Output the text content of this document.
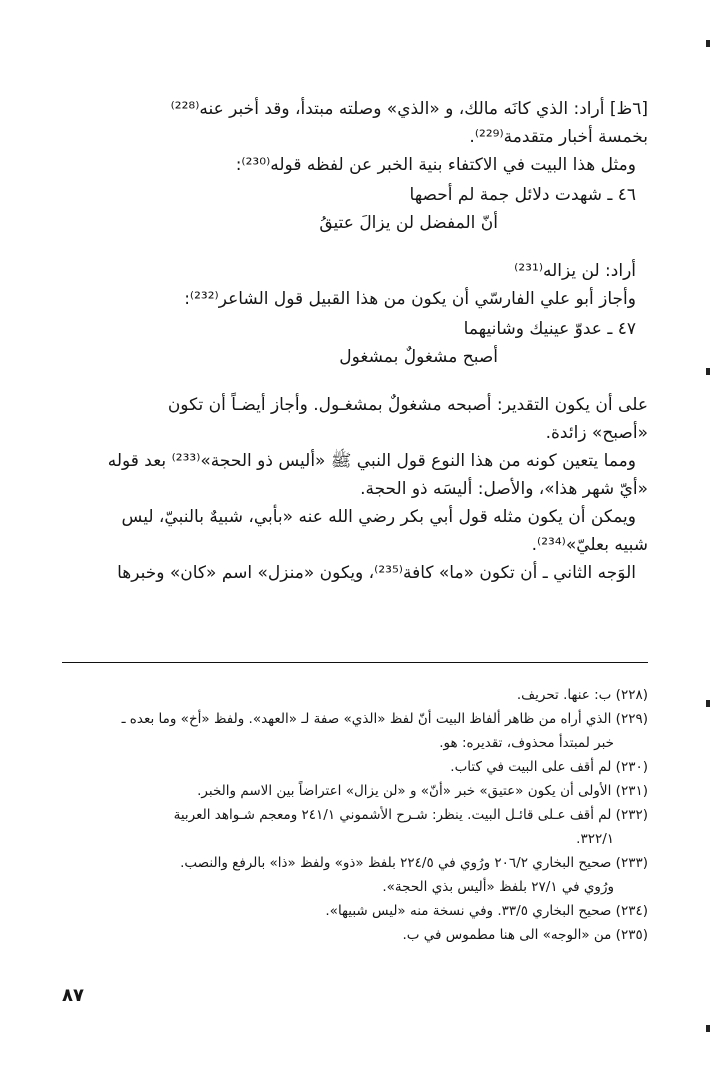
[٦ظ] أراد: الذي كانَه مالك، و «الذي» وصلته مبتدأ، وقد أخبر عنه⁽²²⁸⁾
بخمسة أخبار متقدمة⁽²²⁹⁾.
ومثل هذا البيت في الاكتفاء بنية الخبر عن لفظه قوله⁽²³⁰⁾:
٤٦ ـ شهدت دلائل جمة لم أحصها
أنّ المفضل لن يزالَ عتيقُ
أراد: لن يزاله⁽²³¹⁾
وأجاز أبو علي الفارسّي أن يكون من هذا القبيل قول الشاعر⁽²³²⁾:
٤٧ ـ عدوّ عينيك وشانيهما
أصبح مشغولٌ بمشغول
على أن يكون التقدير: أصبحه مشغولٌ بمشغـول. وأجاز أيضـاً أن تكون
«أصبح» زائدة.
ومما يتعين كونه من هذا النوع قول النبي ﷺ «أليس ذو الحجة»⁽²³³⁾ بعد قوله
«أيّ شهر هذا»، والأصل: أليسَه ذو الحجة.
ويمكن أن يكون مثله قول أبي بكر رضي الله عنه «بأبي، شبيهٌ بالنبيّ، ليس
شبيه بعليّ»⁽²³⁴⁾.
الوَجه الثاني ـ أن تكون «ما» كافة⁽²³⁵⁾، ويكون «منزل» اسم «كان» وخبرها
(٢٢٨) ب: عنها. تحريف.
(٢٢٩) الذي أراه من ظاهر ألفاظ البيت أنّ لفظ «الذي» صفة لـ «العهد». ولفظ «أخ» وما بعده ـ
خبر لمبتدأ محذوف، تقديره: هو.
(٢٣٠) لم أقف على البيت في كتاب.
(٢٣١) الأولى أن يكون «عتيق» خبر «أنّ» و «لن يزال» اعتراضاً بين الاسم والخبر.
(٢٣٢) لم أقف عـلى قائـل البيت. ينظر: شـرح الأشموني ٢٤١/١ ومعجم شـواهد العربية
٣٢٢/١.
(٢٣٣) صحيح البخاري ٢٠٦/٢ ورُوي في ٢٢٤/٥ بلفظ «ذو» ولفظ «ذا» بالرفع والنصب.
ورُوي في ٢٧/١ بلفظ «أليس بذي الحجة».
(٢٣٤) صحيح البخاري ٣٣/٥. وفي نسخة منه «ليس شبيها».
(٢٣٥) من «الوجه» الى هنا مطموس في ب.
٨٧
